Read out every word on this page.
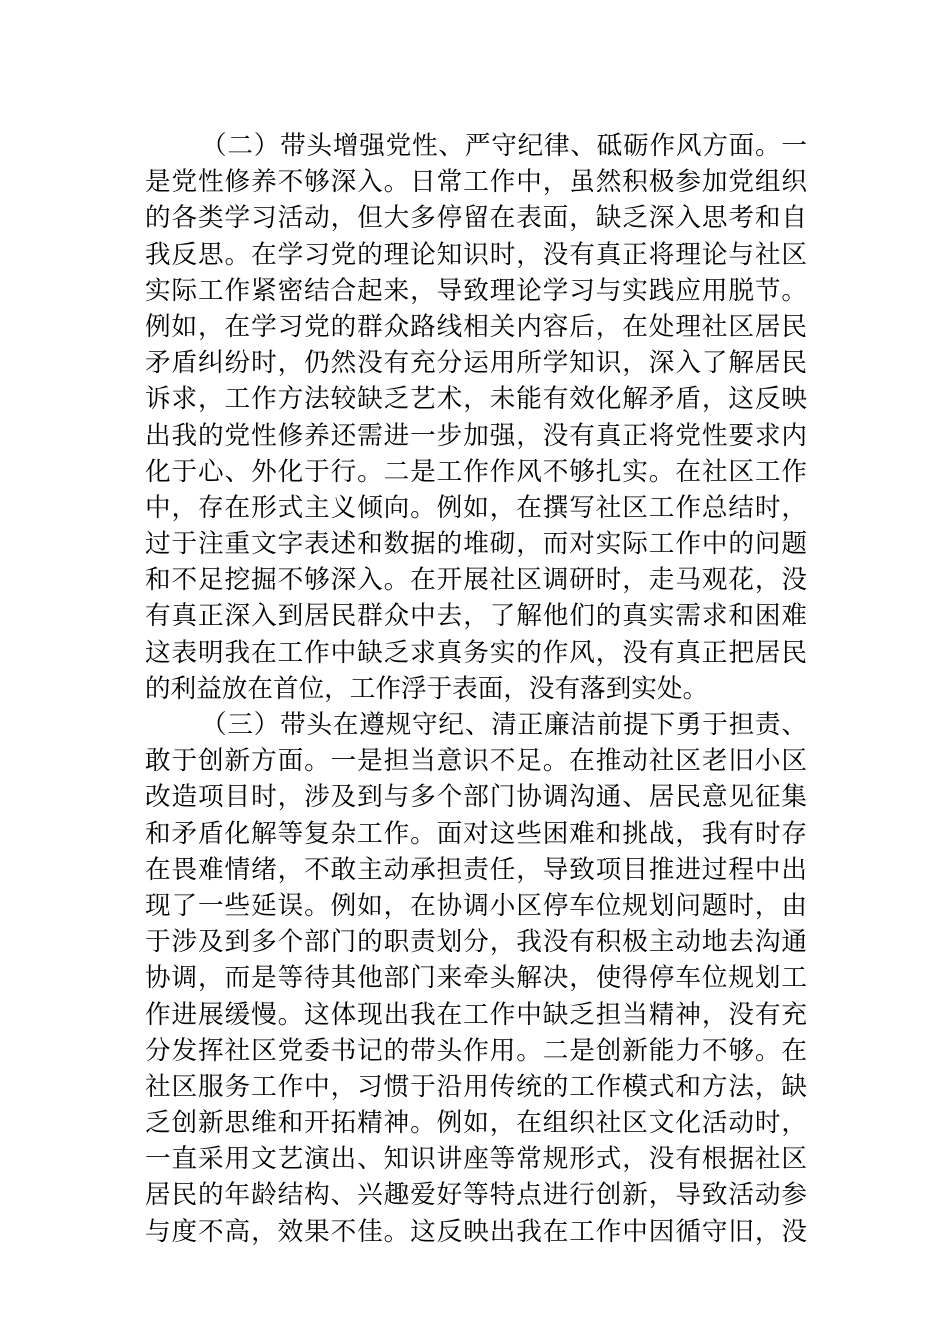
（二）带头增强党性、严守纪律、砥砺作风方面。一
是党性修养不够深入。日常工作中，虽然积极参加党组织
的各类学习活动，但大多停留在表面，缺乏深入思考和自
我反思。在学习党的理论知识时，没有真正将理论与社区
实际工作紧密结合起来，导致理论学习与实践应用脱节。
例如，在学习党的群众路线相关内容后，在处理社区居民
矛盾纠纷时，仍然没有充分运用所学知识，深入了解居民
诉求，工作方法较缺乏艺术，未能有效化解矛盾，这反映
出我的党性修养还需进一步加强，没有真正将党性要求内
化于心、外化于行。二是工作作风不够扎实。在社区工作
中，存在形式主义倾向。例如，在撰写社区工作总结时，
过于注重文字表述和数据的堆砌，而对实际工作中的问题
和不足挖掘不够深入。在开展社区调研时，走马观花，没
有真正深入到居民群众中去，了解他们的真实需求和困难
这表明我在工作中缺乏求真务实的作风，没有真正把居民
的利益放在首位，工作浮于表面，没有落到实处。
（三）带头在遵规守纪、清正廉洁前提下勇于担责、
敢于创新方面。一是担当意识不足。在推动社区老旧小区
改造项目时，涉及到与多个部门协调沟通、居民意见征集
和矛盾化解等复杂工作。面对这些困难和挑战，我有时存
在畏难情绪，不敢主动承担责任，导致项目推进过程中出
现了一些延误。例如，在协调小区停车位规划问题时，由
于涉及到多个部门的职责划分，我没有积极主动地去沟通
协调，而是等待其他部门来牵头解决，使得停车位规划工
作进展缓慢。这体现出我在工作中缺乏担当精神，没有充
分发挥社区党委书记的带头作用。二是创新能力不够。在
社区服务工作中，习惯于沿用传统的工作模式和方法，缺
乏创新思维和开拓精神。例如，在组织社区文化活动时，
一直采用文艺演出、知识讲座等常规形式，没有根据社区
居民的年龄结构、兴趣爱好等特点进行创新，导致活动参
与度不高，效果不佳。这反映出我在工作中因循守旧，没
